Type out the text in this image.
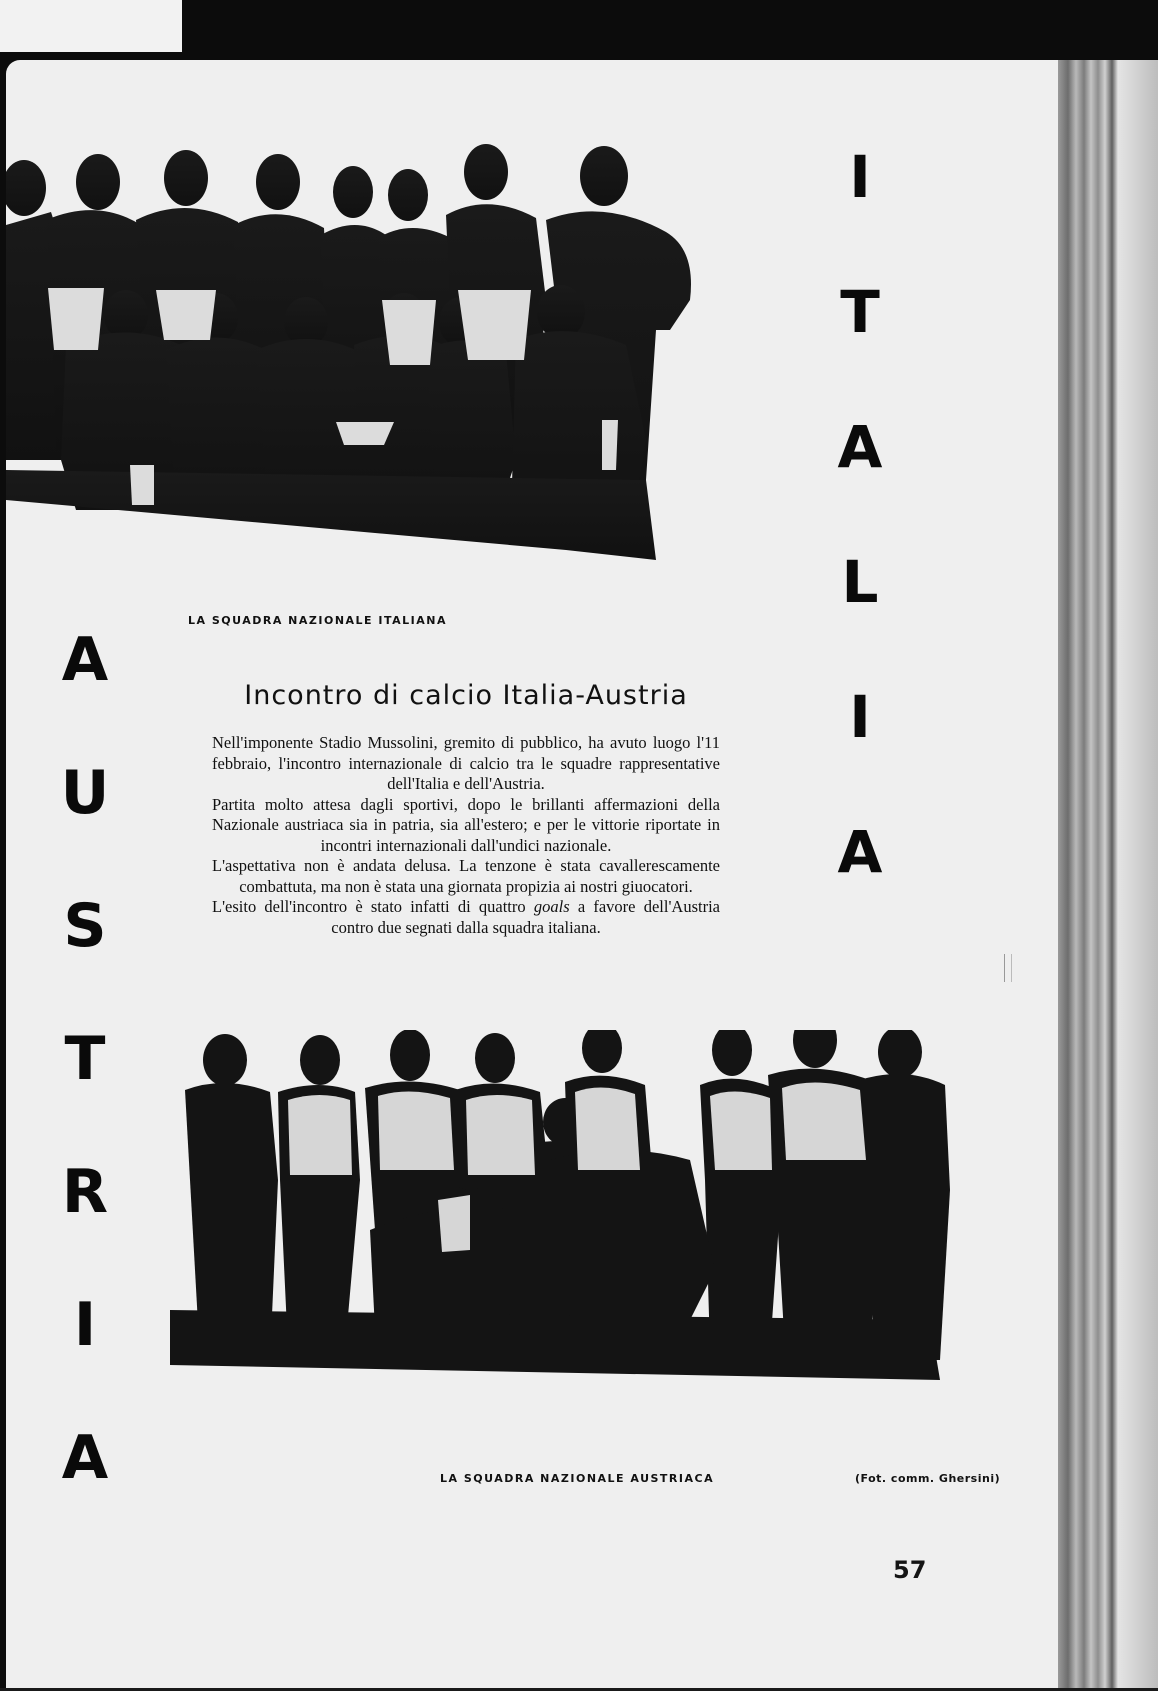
I
T
A
L
I
A
A
U
S
T
R
I
A
LA SQUADRA NAZIONALE ITALIANA
Incontro di calcio Italia-Austria

Nell'imponente Stadio Mussolini, gremito di pubblico, ha avuto luogo l'11 febbraio, l'incontro internazionale di calcio tra le squadre rappresentative dell'Italia e dell'Austria.

Partita molto attesa dagli sportivi, dopo le brillanti affermazioni della Nazionale austriaca sia in patria, sia all'estero; e per le vittorie riportate in incontri internazionali dall'undici nazionale.

L'aspettativa non è andata delusa. La tenzone è stata cavallerescamente combattuta, ma non è stata una giornata propizia ai nostri giuocatori.

L'esito dell'incontro è stato infatti di quattro goals a favore dell'Austria contro due segnati dalla squadra italiana.

LA SQUADRA NAZIONALE AUSTRIACA	(Fot. comm. Ghersini)
57
